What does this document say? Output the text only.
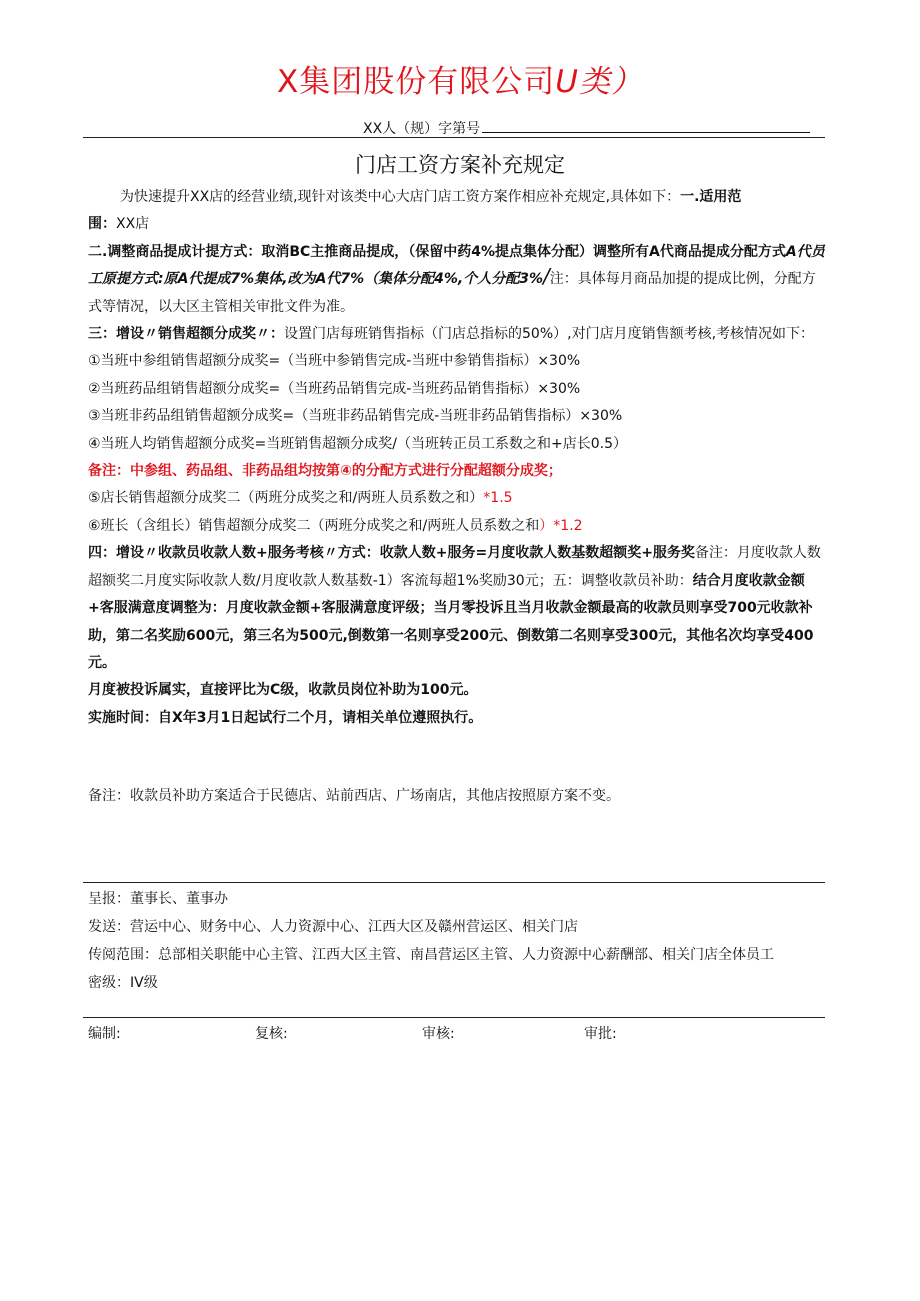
X集团股份有限公司U类）
XX人（规）字第号
门店工资方案补充规定

为快速提升XX店的经营业绩,现针对该类中心大店门店工资方案作相应补充规定,具体如下：一.适用范

围：XX店

二.调整商品提成计提方式：取消BC主推商品提成，（保留中药4%提点集体分配）调整所有A代商品提成分配方式A代员工原提方式:原A代提成7%集体,改为A代7%（集体分配4%,个人分配3%/注：具体每月商品加提的提成比例，分配方式等情况，以大区主管相关审批文件为准。

三：增设〃销售超额分成奖〃：设置门店每班销售指标（门店总指标的50%）,对门店月度销售额考核,考核情况如下：

①当班中参组销售超额分成奖=（当班中参销售完成-当班中参销售指标）×30%

②当班药品组销售超额分成奖=（当班药品销售完成-当班药品销售指标）×30%

③当班非药品组销售超额分成奖=（当班非药品销售完成-当班非药品销售指标）×30%

④当班人均销售超额分成奖=当班销售超额分成奖/（当班转正员工系数之和+店长0.5）

备注：中参组、药品组、非药品组均按第④的分配方式进行分配超额分成奖；

⑤店长销售超额分成奖二（两班分成奖之和/两班人员系数之和）*1.5

⑥班长（含组长）销售超额分成奖二（两班分成奖之和/两班人员系数之和）*1.2

四：增设〃收款员收款人数+服务考核〃方式：收款人数+服务=月度收款人数基数超额奖+服务奖备注：月度收款人数超额奖二月度实际收款人数/月度收款人数基数-1）客流每超1%奖励30元；五：调整收款员补助：结合月度收款金额+客服满意度调整为：月度收款金额+客服满意度评级；当月零投诉且当月收款金额最高的收款员则享受700元收款补助，第二名奖励600元，第三名为500元,倒数第一名则享受200元、倒数第二名则享受300元，其他名次均享受400元。

月度被投诉属实，直接评比为C级，收款员岗位补助为100元。

实施时间：自X年3月1日起试行二个月，请相关单位遵照执行。

备注：收款员补助方案适合于民德店、站前西店、广场南店，其他店按照原方案不变。

呈报：董事长、董事办

发送：营运中心、财务中心、人力资源中心、江西大区及赣州营运区、相关门店

传阅范围：总部相关职能中心主管、江西大区主管、南昌营运区主管、人力资源中心薪酬部、相关门店全体员工

密级：IV级

编制:	复核:	审核:	审批:
